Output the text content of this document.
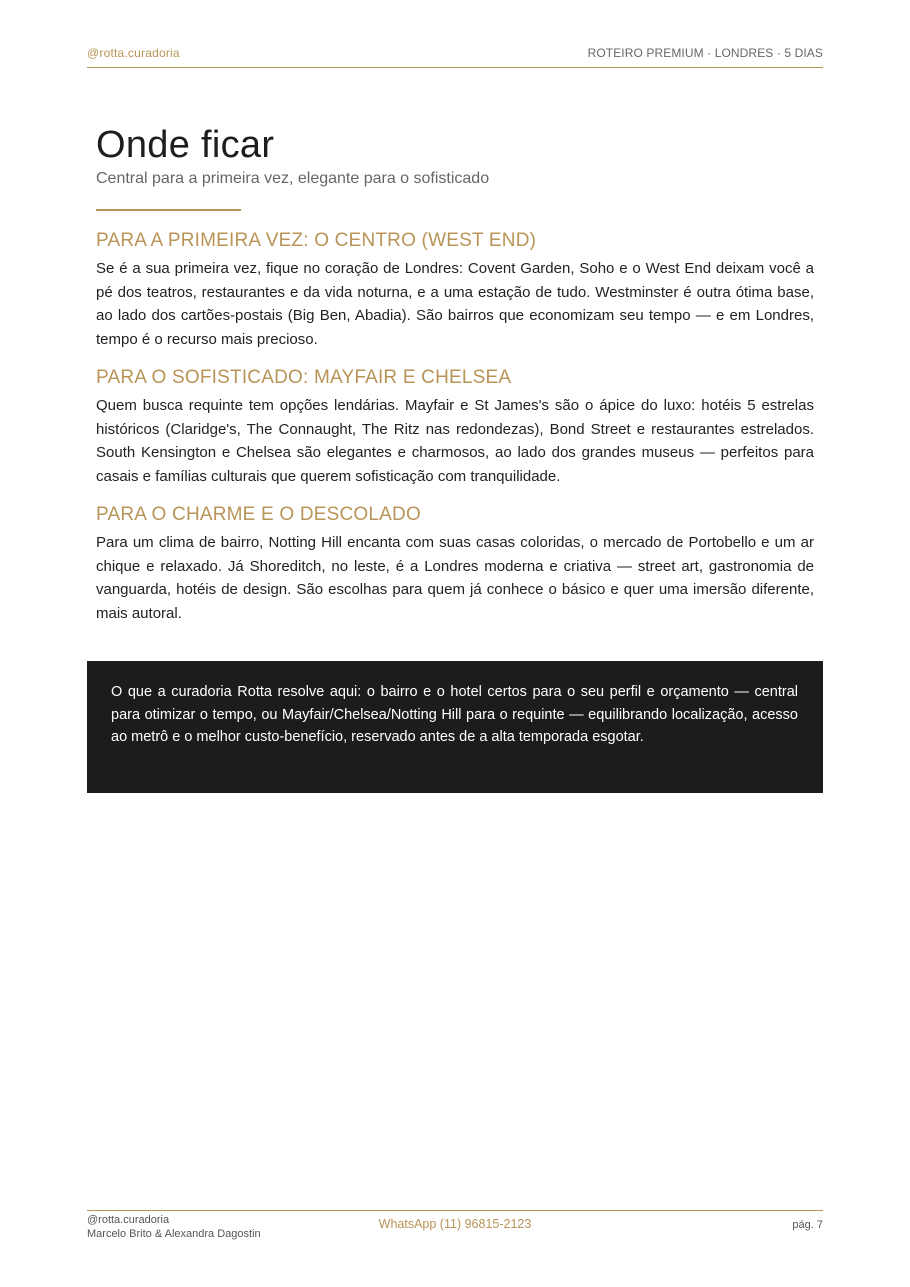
@rotta.curadoria	ROTEIRO PREMIUM · LONDRES · 5 DIAS
Onde ficar
Central para a primeira vez, elegante para o sofisticado
PARA A PRIMEIRA VEZ: O CENTRO (WEST END)

Se é a sua primeira vez, fique no coração de Londres: Covent Garden, Soho e o West End deixam você a pé dos teatros, restaurantes e da vida noturna, e a uma estação de tudo. Westminster é outra ótima base, ao lado dos cartões-postais (Big Ben, Abadia). São bairros que economizam seu tempo — e em Londres, tempo é o recurso mais precioso.

PARA O SOFISTICADO: MAYFAIR E CHELSEA

Quem busca requinte tem opções lendárias. Mayfair e St James's são o ápice do luxo: hotéis 5 estrelas históricos (Claridge's, The Connaught, The Ritz nas redondezas), Bond Street e restaurantes estrelados. South Kensington e Chelsea são elegantes e charmosos, ao lado dos grandes museus — perfeitos para casais e famílias culturais que querem sofisticação com tranquilidade.

PARA O CHARME E O DESCOLADO

Para um clima de bairro, Notting Hill encanta com suas casas coloridas, o mercado de Portobello e um ar chique e relaxado. Já Shoreditch, no leste, é a Londres moderna e criativa — street art, gastronomia de vanguarda, hotéis de design. São escolhas para quem já conhece o básico e quer uma imersão diferente, mais autoral.

O que a curadoria Rotta resolve aqui: o bairro e o hotel certos para o seu perfil e orçamento — central para otimizar o tempo, ou Mayfair/Chelsea/Notting Hill para o requinte — equilibrando localização, acesso ao metrô e o melhor custo-benefício, reservado antes de a alta temporada esgotar.

@rotta.curadoria
Marcelo Brito & Alexandra Dagostin
WhatsApp (11) 96815-2123	pág. 7
